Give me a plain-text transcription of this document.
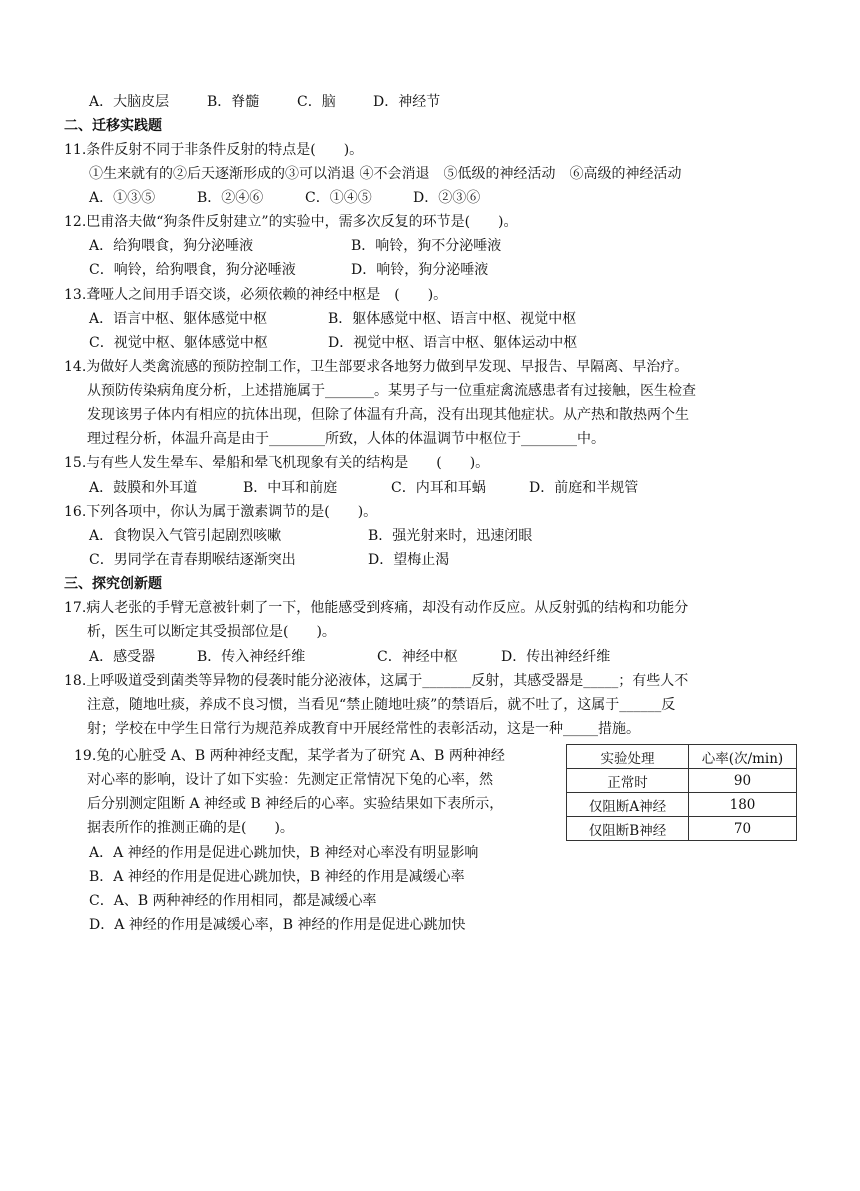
A．大脑皮层	B．脊髓	C．脑	D．神经节
二、迁移实践题
11.条件反射不同于非条件反射的特点是(　　)。
①生来就有的②后天逐渐形成的③可以消退 ④不会消退　⑤低级的神经活动　⑥高级的神经活动
A．①③⑤	B．②④⑥	C．①④⑤	D．②③⑥
12.巴甫洛夫做“狗条件反射建立”的实验中，需多次反复的环节是(　　)。
A．给狗喂食，狗分泌唾液	B．响铃，狗不分泌唾液
C．响铃，给狗喂食，狗分泌唾液	D．响铃，狗分泌唾液
13.聋哑人之间用手语交谈，必须依赖的神经中枢是　(　　)。
A．语言中枢、躯体感觉中枢	B．躯体感觉中枢、语言中枢、视觉中枢
C．视觉中枢、躯体感觉中枢	D．视觉中枢、语言中枢、躯体运动中枢
14.为做好人类禽流感的预防控制工作，卫生部要求各地努力做到早发现、早报告、早隔离、早治疗。
从预防传染病角度分析，上述措施属于_______。某男子与一位重症禽流感患者有过接触，医生检查
发现该男子体内有相应的抗体出现，但除了体温有升高，没有出现其他症状。从产热和散热两个生
理过程分析，体温升高是由于________所致，人体的体温调节中枢位于________中。
15.与有些人发生晕车、晕船和晕飞机现象有关的结构是　　(　　)。
A．鼓膜和外耳道	B．中耳和前庭	C．内耳和耳蜗	D．前庭和半规管
16.下列各项中，你认为属于激素调节的是(　　)。
A．食物误入气管引起剧烈咳嗽	B．强光射来时，迅速闭眼
C．男同学在青春期喉结逐渐突出	D．望梅止渴
三、探究创新题
17.病人老张的手臂无意被针刺了一下，他能感受到疼痛，却没有动作反应。从反射弧的结构和功能分
析，医生可以断定其受损部位是(　　)。
A．感受器	B．传入神经纤维	C．神经中枢	D．传出神经纤维
18.上呼吸道受到菌类等异物的侵袭时能分泌液体，这属于_______反射，其感受器是_____；有些人不
注意，随地吐痰，养成不良习惯，当看见“禁止随地吐痰”的禁语后，就不吐了，这属于______反
射；学校在中学生日常行为规范养成教育中开展经常性的表彰活动，这是一种_____措施。
19.兔的心脏受 A、B 两种神经支配，某学者为了研究 A、B 两种神经
对心率的影响，设计了如下实验：先测定正常情况下兔的心率，然
后分别测定阻断 A 神经或 B 神经后的心率。实验结果如下表所示，
据表所作的推测正确的是(　　)。
A．A 神经的作用是促进心跳加快，B 神经对心率没有明显影响
B．A 神经的作用是促进心跳加快，B 神经的作用是减缓心率
C．A、B 两种神经的作用相同，都是减缓心率
D．A 神经的作用是减缓心率，B 神经的作用是促进心跳加快
实验处理	心率(次/min)
正常时	90
仅阻断A神经	180
仅阻断B神经	70
